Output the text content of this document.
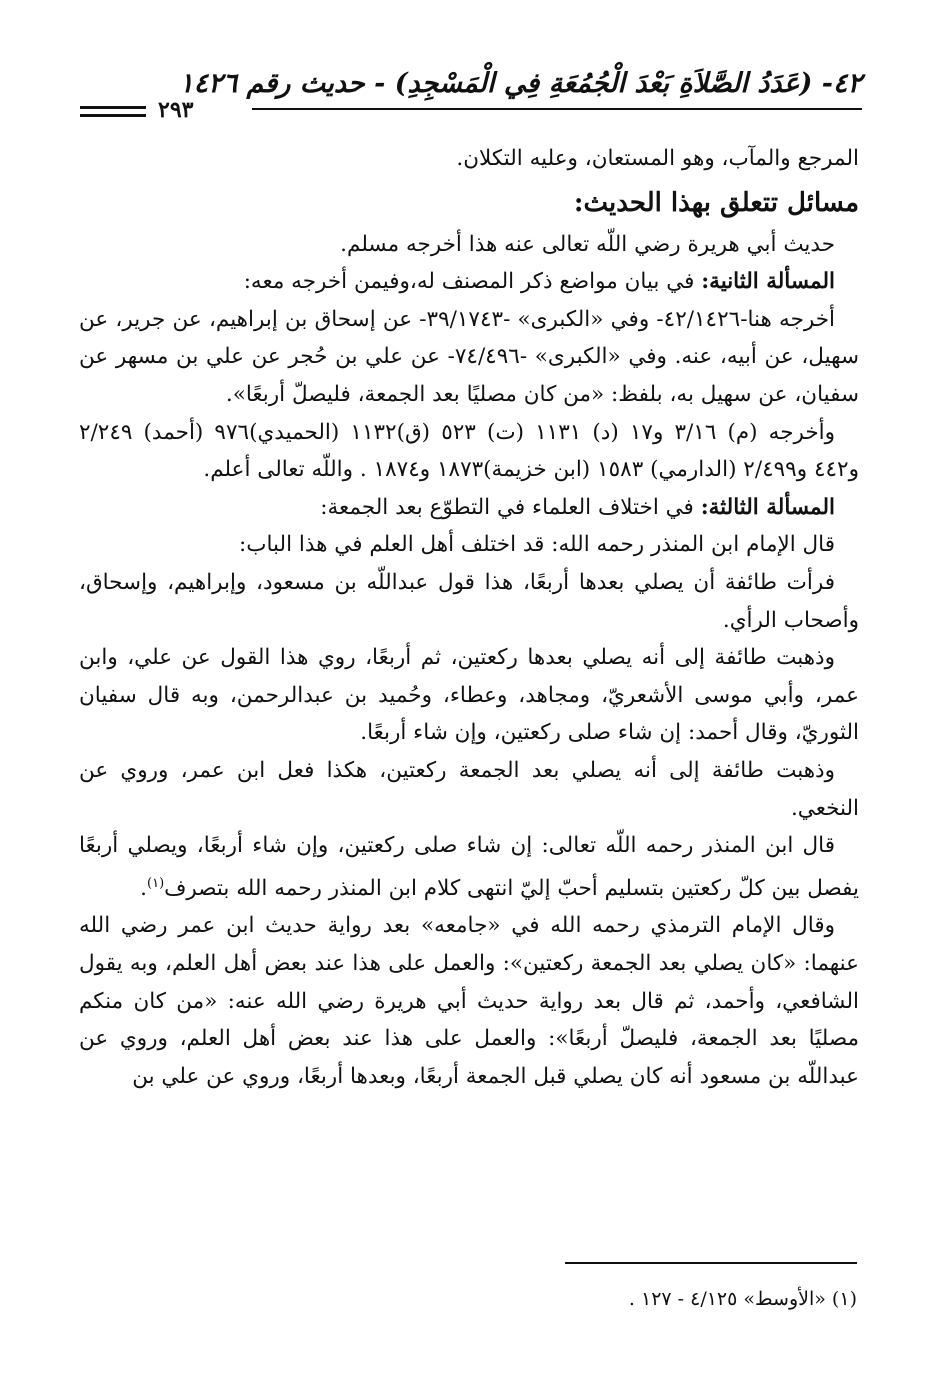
٤٢- (عَدَدُ الصَّلاَةِ بَعْدَ الْجُمُعَةِ فِي الْمَسْجِدِ) - حديث رقم ١٤٢٦
٢٩٣

المرجع والمآب، وهو المستعان، وعليه التكلان.

مسائل تتعلق بهذا الحديث:

حديث أبي هريرة رضي اللّه تعالى عنه هذا أخرجه مسلم.

المسألة الثانية: في بيان مواضع ذكر المصنف له،وفيمن أخرجه معه:

أخرجه هنا-٤٢/١٤٢٦- وفي «الكبرى» -٣٩/١٧٤٣- عن إسحاق بن إبراهيم، عن جرير، عن سهيل، عن أبيه، عنه. وفي «الكبرى» -٧٤/٤٩٦- عن علي بن حُجر عن علي بن مسهر عن سفيان، عن سهيل به، بلفظ: «من كان مصليًا بعد الجمعة، فليصلّ أربعًا».

وأخرجه (م) ٣/١٦ و١٧ (د) ١١٣١ (ت) ٥٢٣ (ق)١١٣٢ (الحميدي)٩٧٦ (أحمد) ٢/٢٤٩ و٤٤٢ و٢/٤٩٩ (الدارمي) ١٥٨٣ (ابن خزيمة)١٨٧٣ و١٨٧٤ . واللّه تعالى أعلم.

المسألة الثالثة: في اختلاف العلماء في التطوّع بعد الجمعة:

قال الإمام ابن المنذر رحمه الله: قد اختلف أهل العلم في هذا الباب:

فرأت طائفة أن يصلي بعدها أربعًا، هذا قول عبداللّه بن مسعود، وإبراهيم، وإسحاق، وأصحاب الرأي.

وذهبت طائفة إلى أنه يصلي بعدها ركعتين، ثم أربعًا، روي هذا القول عن علي، وابن عمر، وأبي موسى الأشعريّ، ومجاهد، وعطاء، وحُميد بن عبدالرحمن، وبه قال سفيان الثوريّ، وقال أحمد: إن شاء صلى ركعتين، وإن شاء أربعًا.

وذهبت طائفة إلى أنه يصلي بعد الجمعة ركعتين، هكذا فعل ابن عمر، وروي عن النخعي.

قال ابن المنذر رحمه اللّه تعالى: إن شاء صلى ركعتين، وإن شاء أربعًا، ويصلي أربعًا يفصل بين كلّ ركعتين بتسليم أحبّ إليّ انتهى كلام ابن المنذر رحمه الله بتصرف$^{(١)}$.

وقال الإمام الترمذي رحمه الله في «جامعه» بعد رواية حديث ابن عمر رضي الله عنهما: «كان يصلي بعد الجمعة ركعتين»: والعمل على هذا عند بعض أهل العلم، وبه يقول الشافعي، وأحمد، ثم قال بعد رواية حديث أبي هريرة رضي الله عنه: «من كان منكم مصليًا بعد الجمعة، فليصلّ أربعًا»: والعمل على هذا عند بعض أهل العلم، وروي عن عبداللّه بن مسعود أنه كان يصلي قبل الجمعة أربعًا، وبعدها أربعًا، وروي عن علي بن

(١) «الأوسط» ٤/١٢٥ - ١٢٧ .
